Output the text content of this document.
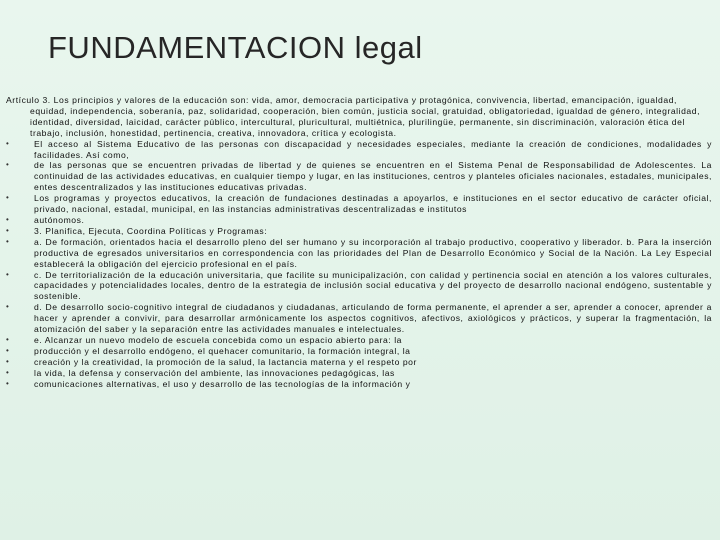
FUNDAMENTACION legal

Artículo 3. Los principios y valores de la educación son: vida, amor, democracia participativa y protagónica, convivencia, libertad, emancipación, igualdad, equidad, independencia, soberanía, paz, solidaridad, cooperación, bien común, justicia social, gratuidad, obligatoriedad, igualdad de género, integralidad, identidad, diversidad, laicidad, carácter público, intercultural, pluricultural, multiétnica, plurilingüe, permanente, sin discriminación, valoración ética del trabajo, inclusión, honestidad, pertinencia, creativa, innovadora, crítica y ecologista.

•	El acceso al Sistema Educativo de las personas con discapacidad y necesidades especiales, mediante la creación de condiciones, modalidades y facilidades. Así como,
•	de las personas que se encuentren privadas de libertad y de quienes se encuentren en el Sistema Penal de Responsabilidad de Adolescentes. La continuidad de las actividades educativas, en cualquier tiempo y lugar, en las instituciones, centros y planteles oficiales nacionales, estadales, municipales, entes descentralizados y las instituciones educativas privadas.
•	Los programas y proyectos educativos, la creación de fundaciones destinadas a apoyarlos, e instituciones en el sector educativo de carácter oficial, privado, nacional, estadal, municipal, en las instancias administrativas descentralizadas e institutos
•	autónomos.
•	3. Planifica, Ejecuta, Coordina Políticas y Programas:
•	a. De formación, orientados hacia el desarrollo pleno del ser humano y su incorporación al trabajo productivo, cooperativo y liberador. b. Para la inserción productiva de egresados universitarios en correspondencia con las prioridades del Plan de Desarrollo Económico y Social de la Nación. La Ley Especial establecerá la obligación del ejercicio profesional en el país.
•	c. De territorialización de la educación universitaria, que facilite su municipalización, con calidad y pertinencia social en atención a los valores culturales, capacidades y potencialidades locales, dentro de la estrategia de inclusión social educativa y del proyecto de desarrollo nacional endógeno, sustentable y sostenible.
•	d. De desarrollo socio-cognitivo integral de ciudadanos y ciudadanas, articulando de forma permanente, el aprender a ser, aprender a conocer, aprender a hacer y aprender a convivir, para desarrollar armónicamente los aspectos cognitivos, afectivos, axiológicos y prácticos, y superar la fragmentación, la atomización del saber y la separación entre las actividades manuales e intelectuales.
•	e. Alcanzar un nuevo modelo de escuela concebida como un espacio abierto para: la
•	producción y el desarrollo endógeno, el quehacer comunitario, la formación integral, la
•	creación y la creatividad, la promoción de la salud, la lactancia materna y el respeto por
•	la vida, la defensa y conservación del ambiente, las innovaciones pedagógicas, las
•	comunicaciones alternativas, el uso y desarrollo de las tecnologías de la información y
